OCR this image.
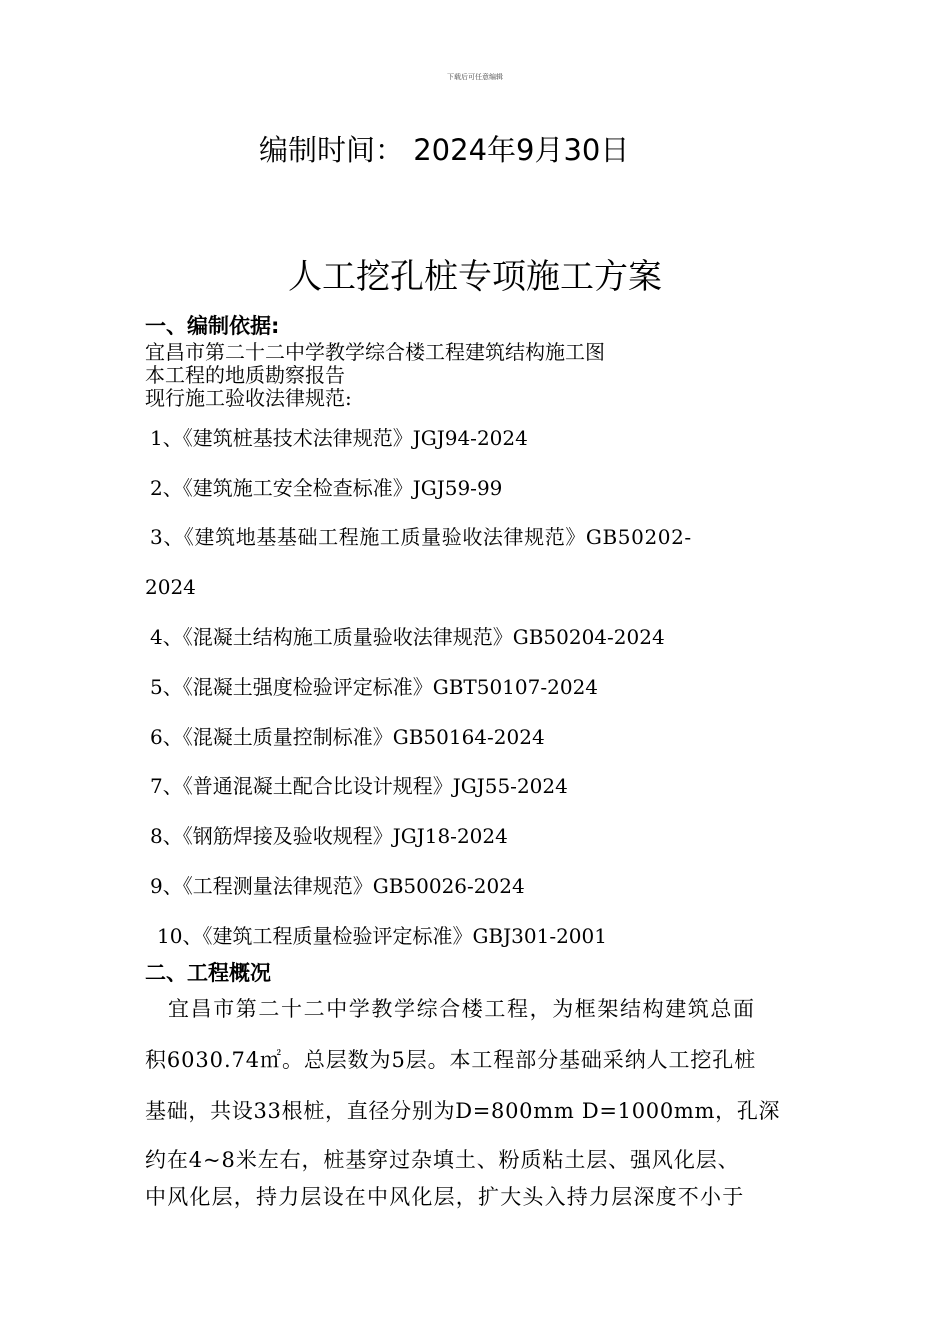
下载后可任意编辑
编制时间： 2024年9月30日
人工挖孔桩专项施工方案
一、编制依据:
宜昌市第二十二中学教学综合楼工程建筑结构施工图
本工程的地质勘察报告
现行施工验收法律规范:
1、《建筑桩基技术法律规范》JGJ94-2024
2、《建筑施工安全检查标准》JGJ59-99
3、《建筑地基基础工程施工质量验收法律规范》GB50202-
2024
4、《混凝土结构施工质量验收法律规范》GB50204-2024
5、《混凝土强度检验评定标准》GBT50107-2024
6、《混凝土质量控制标准》GB50164-2024
7、《普通混凝土配合比设计规程》JGJ55-2024
8、《钢筋焊接及验收规程》JGJ18-2024
9、《工程测量法律规范》GB50026-2024
10、《建筑工程质量检验评定标准》GBJ301-2001
二、工程概况
宜昌市第二十二中学教学综合楼工程，为框架结构建筑总面
积6030.74㎡。总层数为5层。本工程部分基础采纳人工挖孔桩
基础，共设33根桩，直径分别为D=800mm D=1000mm，孔深
约在4~8米左右，桩基穿过杂填土、粉质粘土层、强风化层、
中风化层，持力层设在中风化层，扩大头入持力层深度不小于
